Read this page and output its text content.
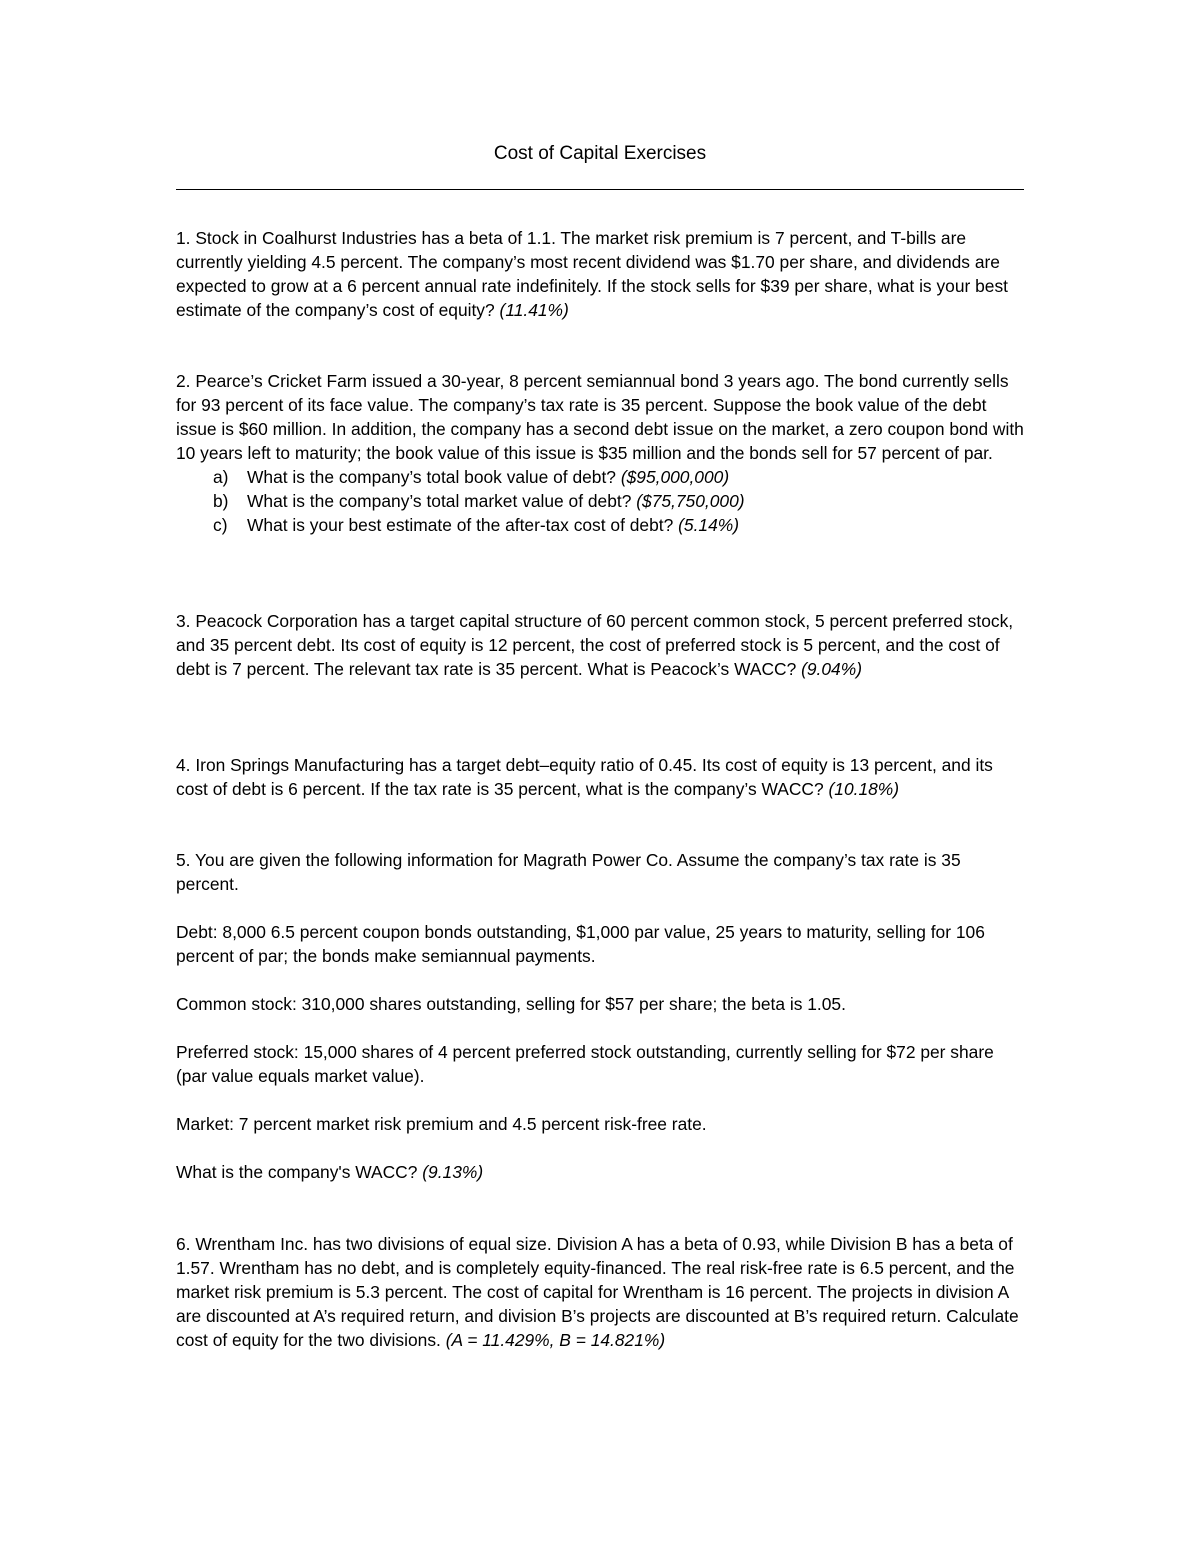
Cost of Capital Exercises

1. Stock in Coalhurst Industries has a beta of 1.1. The market risk premium is 7 percent, and T-bills are currently yielding 4.5 percent. The company’s most recent dividend was $1.70 per share, and dividends are expected to grow at a 6 percent annual rate indefinitely. If the stock sells for $39 per share, what is your best estimate of the company’s cost of equity? (11.41%)

2. Pearce’s Cricket Farm issued a 30-year, 8 percent semiannual bond 3 years ago. The bond currently sells for 93 percent of its face value. The company’s tax rate is 35 percent. Suppose the book value of the debt issue is $60 million. In addition, the company has a second debt issue on the market, a zero coupon bond with 10 years left to maturity; the book value of this issue is $35 million and the bonds sell for 57 percent of par.

a)	What is the company’s total book value of debt? ($95,000,000)
b)	What is the company’s total market value of debt? ($75,750,000)
c)	What is your best estimate of the after-tax cost of debt? (5.14%)

3. Peacock Corporation has a target capital structure of 60 percent common stock, 5 percent preferred stock, and 35 percent debt. Its cost of equity is 12 percent, the cost of preferred stock is 5 percent, and the cost of debt is 7 percent. The relevant tax rate is 35 percent. What is Peacock’s WACC? (9.04%)

4. Iron Springs Manufacturing has a target debt–equity ratio of 0.45. Its cost of equity is 13 percent, and its cost of debt is 6 percent. If the tax rate is 35 percent, what is the company’s WACC? (10.18%)

5. You are given the following information for Magrath Power Co. Assume the company’s tax rate is 35 percent.

Debt: 8,000 6.5 percent coupon bonds outstanding, $1,000 par value, 25 years to maturity, selling for 106 percent of par; the bonds make semiannual payments.

Common stock: 310,000 shares outstanding, selling for $57 per share; the beta is 1.05.

Preferred stock: 15,000 shares of 4 percent preferred stock outstanding, currently selling for $72 per share (par value equals market value).

Market: 7 percent market risk premium and 4.5 percent risk-free rate.

What is the company's WACC? (9.13%)

6. Wrentham Inc. has two divisions of equal size. Division A has a beta of 0.93, while Division B has a beta of 1.57. Wrentham has no debt, and is completely equity-financed. The real risk-free rate is 6.5 percent, and the market risk premium is 5.3 percent. The cost of capital for Wrentham is 16 percent. The projects in division A are discounted at A’s required return, and division B’s projects are discounted at B’s required return. Calculate cost of equity for the two divisions. (A = 11.429%, B = 14.821%)
